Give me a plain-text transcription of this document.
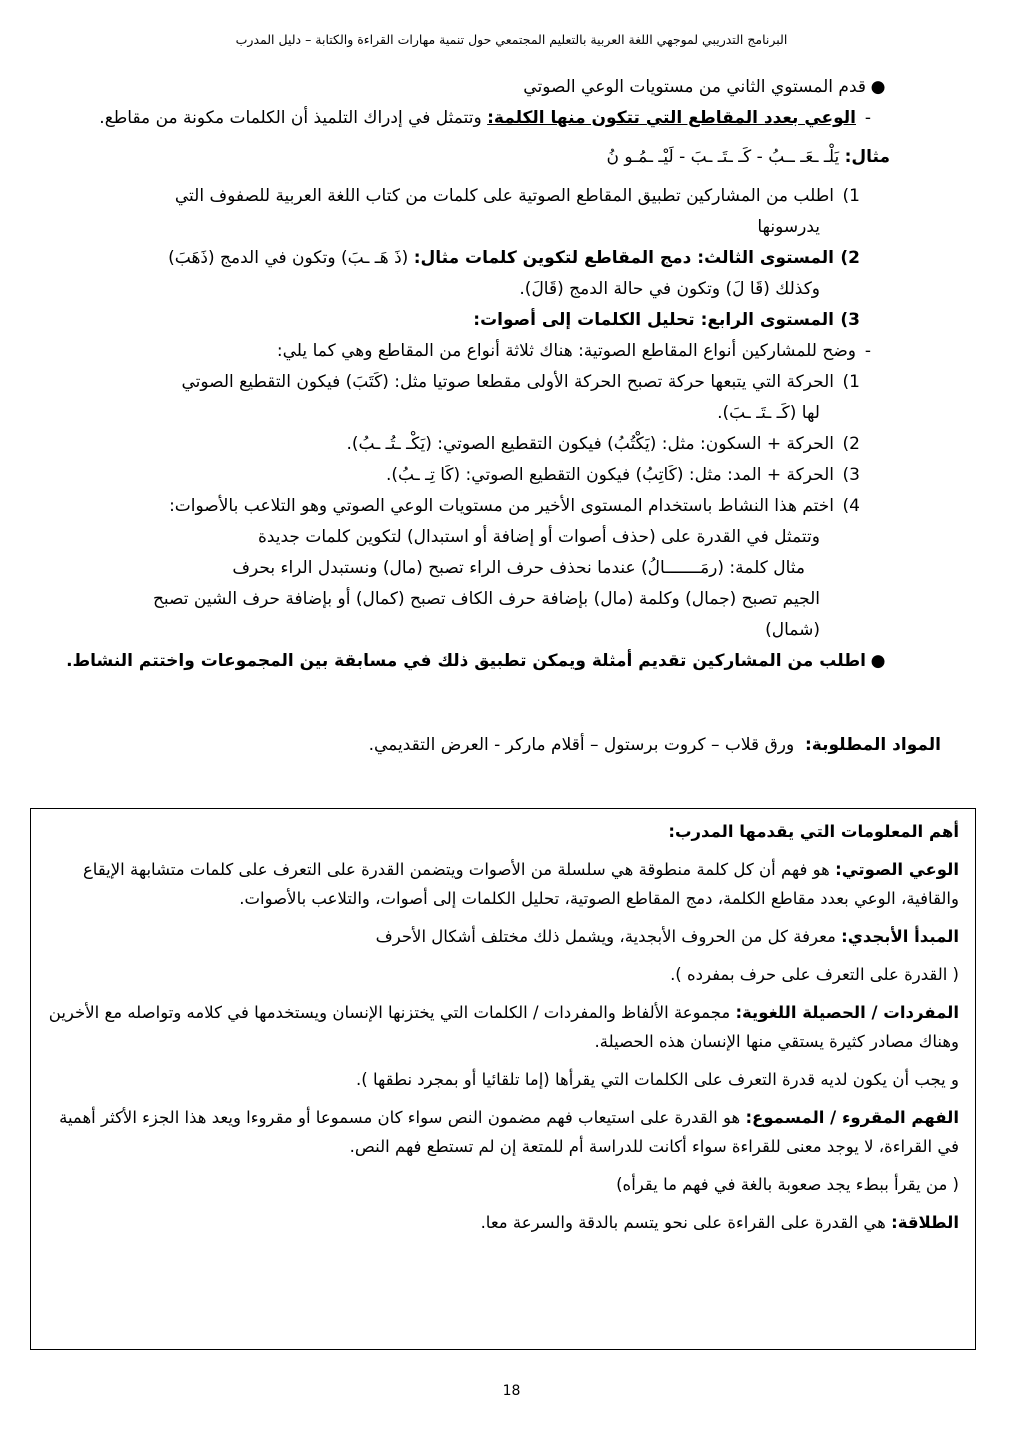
البرنامج التدريبي لموجهي اللغة العربية بالتعليم المجتمعي حول تنمية مهارات القراءة والكتابة – دليل المدرب
●قدم المستوي الثاني من مستويات الوعي الصوتي
-الوعي بعدد المقاطع التي تتكون منها الكلمة: وتتمثل في إدراك التلميذ أن الكلمات مكونة من مقاطع.
مثال: يَلْـ ـعَـ ــبُ - كَـ ـتَـ ـبَ - لَيْـ ـمُـو نُ
1)اطلب من المشاركين تطبيق المقاطع الصوتية على كلمات من كتاب اللغة العربية للصفوف التي
يدرسونها
2)المستوى الثالث: دمج المقاطع لتكوين كلمات مثال: (ذَ هَـ ـبَ) وتكون في الدمج (ذَهَبَ)
وكذلك (قَا لَ) وتكون في حالة الدمج (قَالَ).
3)المستوى الرابع: تحليل الكلمات إلى أصوات:
-وضح للمشاركين أنواع المقاطع الصوتية: هناك ثلاثة أنواع من المقاطع وهي كما يلي:
1)الحركة التي يتبعها حركة تصبح الحركة الأولى مقطعا صوتيا مثل: (كَتَبَ) فيكون التقطيع الصوتي
لها (كَـ ـتَـ ـبَ).
2)الحركة + السكون: مثل: (يَكْتُبُ) فيكون التقطيع الصوتي: (يَكْـ ـتُـ ـبُ).
3)الحركة + المد: مثل: (كَاتِبُ) فيكون التقطيع الصوتي: (كَا تِـ ـبُ).
4)اختم هذا النشاط باستخدام المستوى الأخير من مستويات الوعي الصوتي وهو التلاعب بالأصوات:
وتتمثل في القدرة على (حذف أصوات أو إضافة أو استبدال) لتكوين كلمات جديدة
مثال كلمة: (رمَـــــــالُ) عندما نحذف حرف الراء تصبح (مال) ونستبدل الراء بحرف
الجيم تصبح (جمال) وكلمة (مال) بإضافة حرف الكاف تصبح (كمال) أو بإضافة حرف الشين تصبح
(شمال)
●اطلب من المشاركين تقديم أمثلة ويمكن تطبيق ذلك في مسابقة بين المجموعات واختتم النشاط.
المواد المطلوبة:  ورق قلاب – كروت برستول – أقلام ماركر - العرض التقديمي.

أهم المعلومات التي يقدمها المدرب:

الوعي الصوتي: هو فهم أن كل كلمة منطوقة هي سلسلة من الأصوات ويتضمن القدرة على التعرف على كلمات متشابهة الإيقاع والقافية، الوعي بعدد مقاطع الكلمة، دمج المقاطع الصوتية، تحليل الكلمات إلى أصوات، والتلاعب بالأصوات.

المبدأ الأبجدي: معرفة كل من الحروف الأبجدية، ويشمل ذلك مختلف أشكال الأحرف

( القدرة على التعرف على حرف بمفرده ).

المفردات / الحصيلة اللغوية: مجموعة الألفاظ والمفردات / الكلمات التي يختزنها الإنسان ويستخدمها في كلامه وتواصله مع الأخرين وهناك مصادر كثيرة يستقي منها الإنسان هذه الحصيلة.

و يجب أن يكون لديه قدرة التعرف على الكلمات التي يقرأها (إما تلقائيا أو بمجرد نطقها ).

الفهم المقروء / المسموع: هو القدرة على استيعاب فهم مضمون النص سواء كان مسموعا أو مقروءا ويعد هذا الجزء الأكثر أهمية في القراءة، لا يوجد معنى للقراءة سواء أكانت للدراسة أم للمتعة إن لم تستطع فهم النص.

( من يقرأ ببطء يجد صعوبة بالغة في فهم ما يقرأه)

الطلاقة: هي القدرة على القراءة على نحو يتسم بالدقة والسرعة معا.

18
